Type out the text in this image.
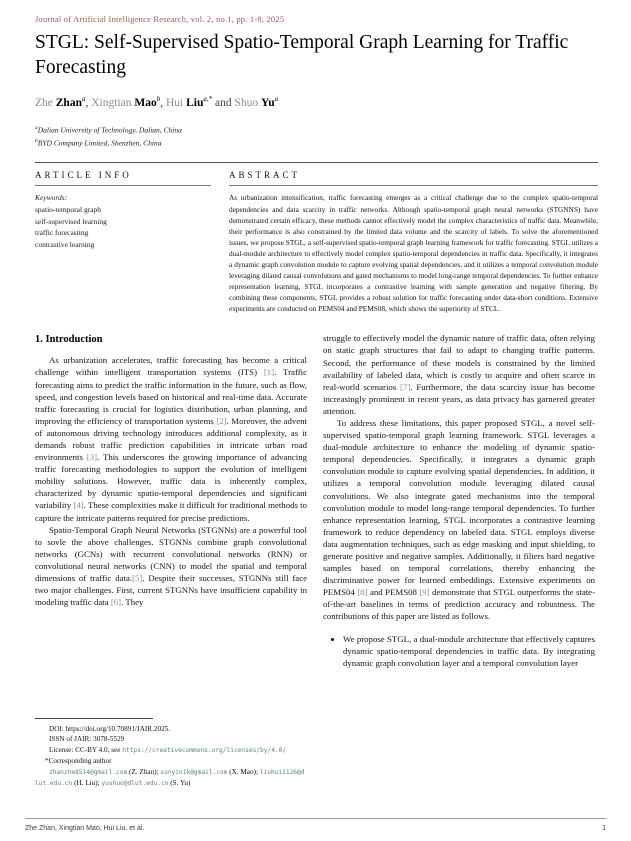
Journal of Artificial Intelligence Research, vol. 2, no.1, pp. 1-8, 2025
STGL: Self-Supervised Spatio-Temporal Graph Learning for Traffic Forecasting
Zhe Zhan$^a$, Xingtian Mao$^b$, Hui Liu$^{a,*}$ and Shuo Yu$^a$
$^a$Dalian University of Technology, Dalian, China
$^b$BYD Company Limited, Shenzhen, China
ARTICLE INFO
Keywords:
spatio-temporal graph
self-supervised learning
traffic forecasting
contrastive learning
ABSTRACT
As urbanization intensification, traffic forecasting emerges as a critical challenge due to the complex spatio-temporal dependencies and data scarcity in traffic networks. Although spatio-temporal graph neural networks (STGNNS) have demonstrated certain efficacy, these methods cannot effectively model the complex characteristics of traffic data. Meanwhile, their performance is also constrained by the limited data volume and the scarcity of labels. To solve the aforementioned issues, we propose STGL, a self-supervised spatio-temporal graph learning framework for traffic forecasting. STGL utilizes a dual-module architecture to effectively model complex spatio-temporal dependencies in traffic data. Specifically, it integrates a dynamic graph convolution module to capture evolving spatial dependencies, and it utilizes a temporal convolution module leveraging dilated causal convolutions and gated mechanisms to model long-range temporal dependencies. To further enhance representation learning, STGL incorporates a contrastive learning with sample generation and negative filtering. By combining these components, STGL provides a robust solution for traffic forecasting under data-short conditions. Extensive experiments are conducted on PEMS04 and PEMS08, which shows the superiority of STCL.
1. Introduction
As urbanization accelerates, traffic forecasting has become a critical challenge within intelligent transportation systems (ITS) [1]. Traffic forecasting aims to predict the traffic information in the future, such as flow, speed, and congestion levels based on historical and real-time data. Accurate traffic forecasting is crucial for logistics distribution, urban planning, and improving the efficiency of transportation systems [2]. Moreover, the advent of autonomous driving technology introduces additional complexity, as it demands robust traffic prediction capabilities in intricate urban road environments [3]. This underscores the growing importance of advancing traffic forecasting methodologies to support the evolution of intelligent mobility solutions. However, traffic data is inherently complex, characterized by dynamic spatio-temporal dependencies and significant variability [4]. These complexities make it difficult for traditional methods to capture the intricate patterns required for precise predictions.
Spatio-Temporal Graph Neural Networks (STGNNs) are a powerful tool to sovle the above challenges. STGNNs combine graph convolutional networks (GCNs) with recurrent convolutional networks (RNN) or convolutional neural networks (CNN) to model the spatial and temporal dimensions of traffic data.[5]. Despite their successes, STGNNs still face two major challenges. First, current STGNNs have insufficient capability in modeling traffic data [6]. They
DOI: https://doi.org/10.70891/JAIR.2025.
ISSN of JAIR: 3078-5529
License: CC-BY 4.0, see https://creativecommons.org/licenses/by/4.0/
*Corresponding author
zhanzhe8514@gmail.com (Z. Zhan); xunyin1k@gmail.com (X. Mao); liuhui1126@dlut.edu.cn (H. Liu); yushuo@dlut.edu.cn (S. Yu)
struggle to effectively model the dynamic nature of traffic data, often relying on static graph structures that fail to adapt to changing traffic patterns. Second, the performance of these models is constrained by the limited availability of labeled data, which is costly to acquire and often scarce in real-world scenarios [7]. Furthermore, the data scarcity issue has become increasingly prominent in recent years, as data privacy has garnered greater attention.
To address these limitations, this paper proposed STGL, a novel self-supervised spatio-temporal graph learning framework. STGL leverages a dual-module architecture to enhance the modeling of dynamic spatio-temporal dependencies. Specifically, it integrates a dynamic graph convolution module to capture evolving spatial dependencies. In addition, it utilizes a temporal convolution module leveraging dilated causal convolutions. We also integrate gated mechanisms into the temporal convolution module to model long-range temporal dependencies. To further enhance representation learning, STGL incorporates a contrastive learning framework to reduce dependency on labeled data. STGL employs diverse data augmentation techniques, such as edge masking and input shielding, to generate positive and negative samples. Additionally, it filters hard negative samples based on temporal correlations, thereby enhancing the discriminative power for learned embeddings. Extensive experiments on PEMS04 [8] and PEMS08 [9] demonstrate that STGL outperforms the state-of-the-art baselines in terms of prediction accuracy and robustness. The contributions of this paper are listed as follows.
• We propose STGL, a dual-module architecture that effectively captures dynamic spatio-temporal dependencies in traffic data. By integrating dynamic graph convolution layer and a temporal convolution layer
Zhe Zhan, Xingtian Mao, Hui Liu, et al.	1
